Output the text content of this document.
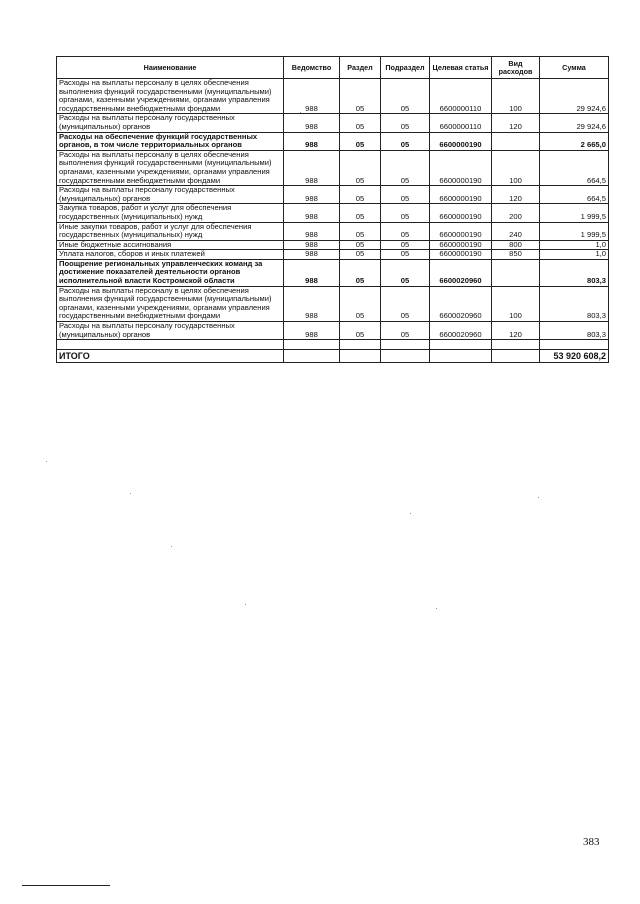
Наименование	Ведомство	Раздел	Подраздел	Целевая статья	Вид расходов	Сумма
Расходы на выплаты персоналу в целях обеспечения выполнения функций государственными (муниципальными) органами, казенными учреждениями, органами управления государственными внебюджетными фондами	988	05	05	6600000110	100	29 924,6
Расходы на выплаты персоналу государственных (муниципальных) органов	988	05	05	6600000110	120	29 924,6
Расходы на обеспечение функций государственных органов, в том числе территориальных органов	988	05	05	6600000190		2 665,0
Расходы на выплаты персоналу в целях обеспечения выполнения функций государственными (муниципальными) органами, казенными учреждениями, органами управления государственными внебюджетными фондами	988	05	05	6600000190	100	664,5
Расходы на выплаты персоналу государственных (муниципальных) органов	988	05	05	6600000190	120	664,5
Закупка товаров, работ и услуг для обеспечения государственных (муниципальных) нужд	988	05	05	6600000190	200	1 999,5
Иные закупки товаров, работ и услуг для обеспечения государственных (муниципальных) нужд	988	05	05	6600000190	240	1 999,5
Иные бюджетные ассигнования	988	05	05	6600000190	800	1,0
Уплата налогов, сборов и иных платежей	988	05	05	6600000190	850	1,0
Поощрение региональных управленческих команд за достижение показателей деятельности органов исполнительной власти Костромской области	988	05	05	6600020960		803,3
Расходы на выплаты персоналу в целях обеспечения выполнения функций государственными (муниципальными) органами, казенными учреждениями, органами управления государственными внебюджетными фондами	988	05	05	6600020960	100	803,3
Расходы на выплаты персоналу государственных (муниципальных) органов	988	05	05	6600020960	120	803,3

ИТОГО						53 920 608,2
383
